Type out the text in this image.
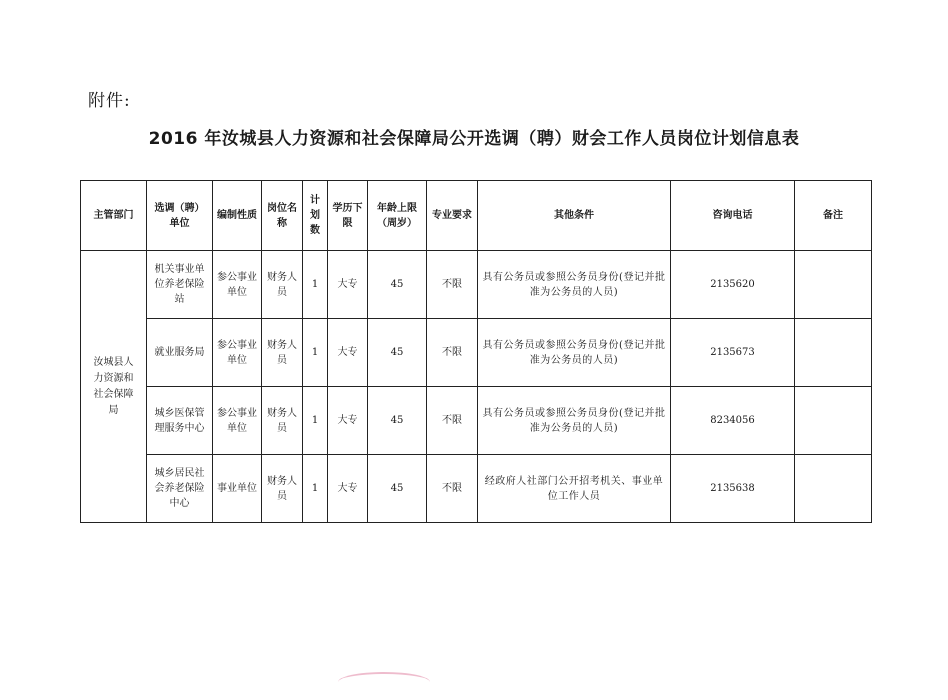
附件:
2016 年汝城县人力资源和社会保障局公开选调（聘）财会工作人员岗位计划信息表
主管部门	选调（聘）单位	编制性质	岗位名称	计划数	学历下限	年龄上限（周岁）	专业要求	其他条件	咨询电话	备注
汝城县人力资源和社会保障局	机关事业单位养老保险站	参公事业单位	财务人员	1	大专	45	不限	具有公务员或参照公务员身份(登记并批准为公务员的人员)	2135620	
	就业服务局	参公事业单位	财务人员	1	大专	45	不限	具有公务员或参照公务员身份(登记并批准为公务员的人员)	2135673	
	城乡医保管理服务中心	参公事业单位	财务人员	1	大专	45	不限	具有公务员或参照公务员身份(登记并批准为公务员的人员)	8234056	
	城乡居民社会养老保险中心	事业单位	财务人员	1	大专	45	不限	经政府人社部门公开招考机关、事业单位工作人员	2135638	
